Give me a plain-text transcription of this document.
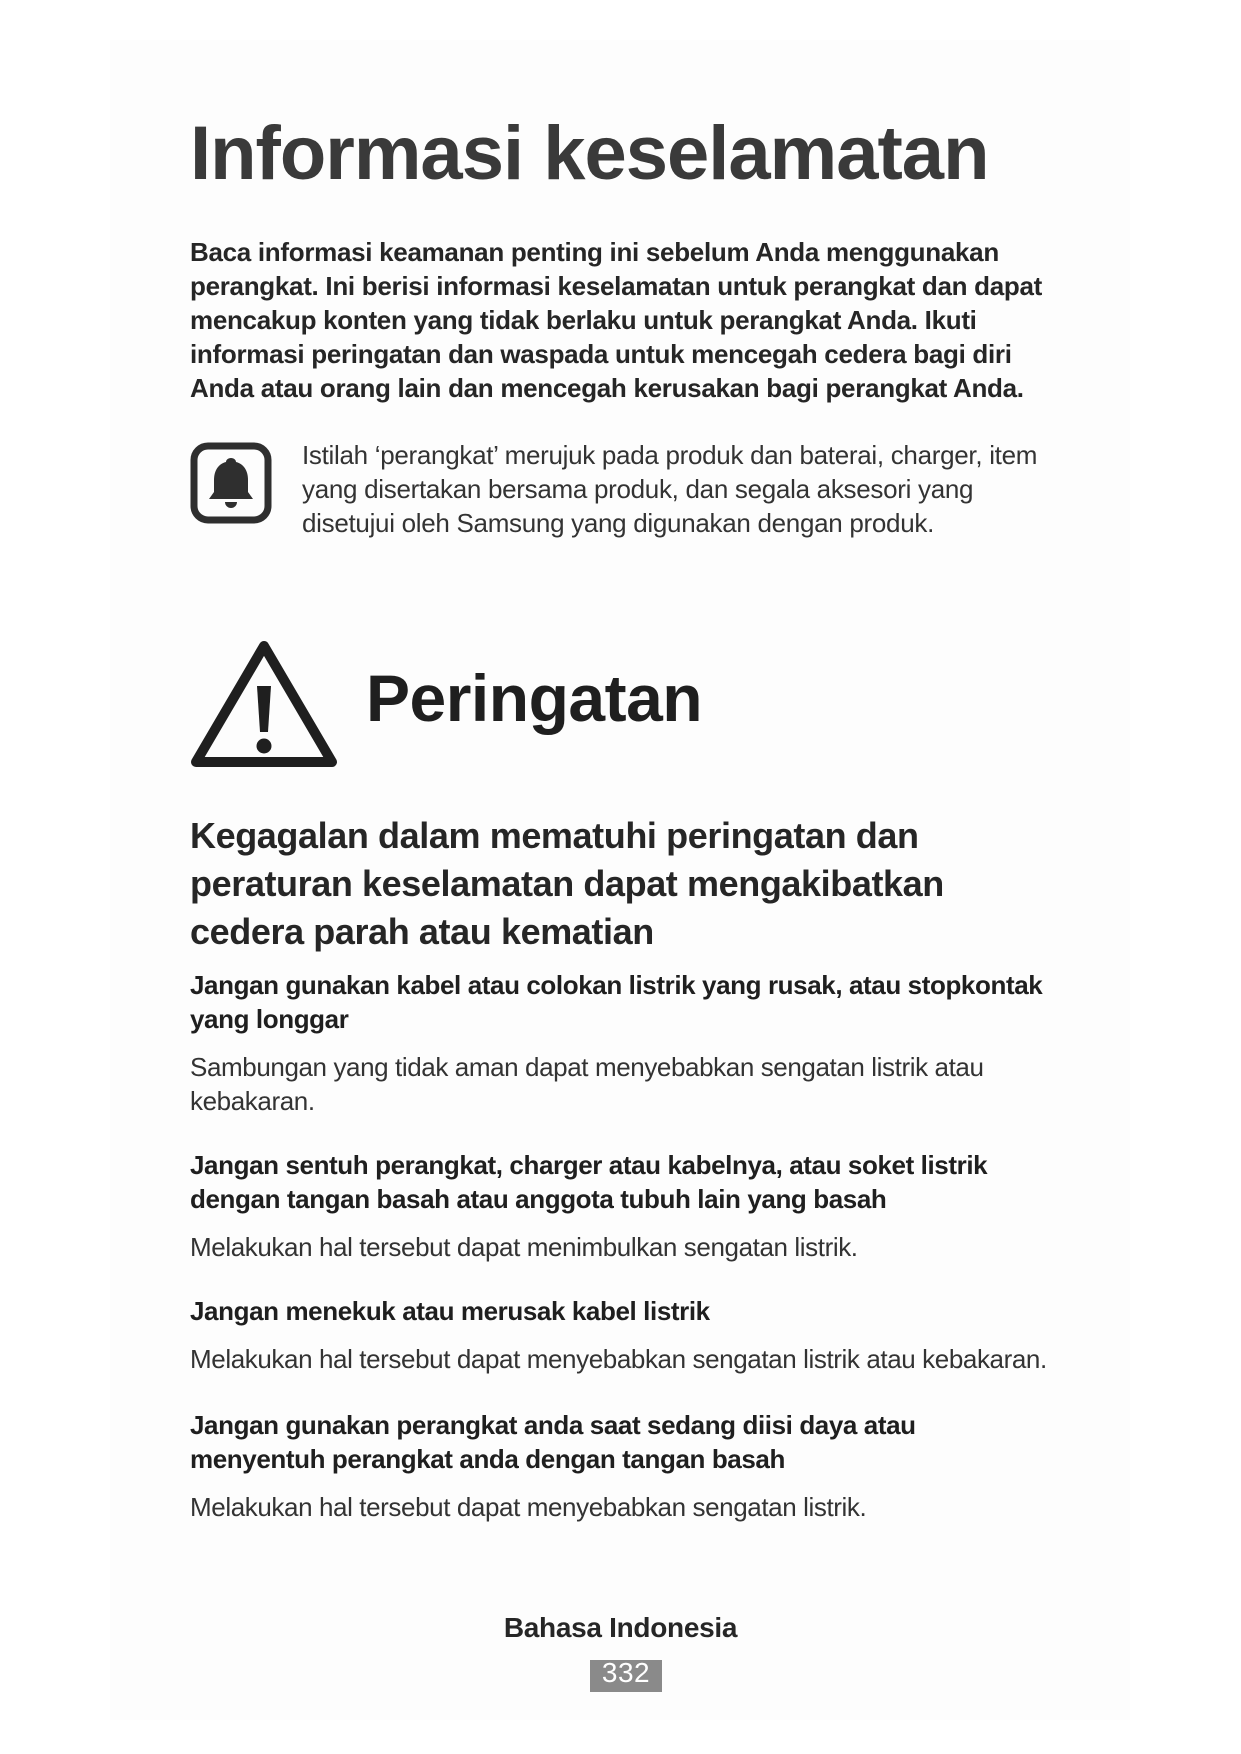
Informasi keselamatan

Baca informasi keamanan penting ini sebelum Anda menggunakan perangkat. Ini berisi informasi keselamatan untuk perangkat dan dapat mencakup konten yang tidak berlaku untuk perangkat Anda. Ikuti informasi peringatan dan waspada untuk mencegah cedera bagi diri Anda atau orang lain dan mencegah kerusakan bagi perangkat Anda.

Istilah ‘perangkat’ merujuk pada produk dan baterai, charger, item yang disertakan bersama produk, dan segala aksesori yang disetujui oleh Samsung yang digunakan dengan produk.

Peringatan
Kegagalan dalam mematuhi peringatan dan peraturan keselamatan dapat mengakibatkan cedera parah atau kematian
Jangan gunakan kabel atau colokan listrik yang rusak, atau stopkontak yang longgar

Sambungan yang tidak aman dapat menyebabkan sengatan listrik atau kebakaran.

Jangan sentuh perangkat, charger atau kabelnya, atau soket listrik dengan tangan basah atau anggota tubuh lain yang basah

Melakukan hal tersebut dapat menimbulkan sengatan listrik.

Jangan menekuk atau merusak kabel listrik

Melakukan hal tersebut dapat menyebabkan sengatan listrik atau kebakaran.

Jangan gunakan perangkat anda saat sedang diisi daya atau menyentuh perangkat anda dengan tangan basah

Melakukan hal tersebut dapat menyebabkan sengatan listrik.

Bahasa Indonesia

332
